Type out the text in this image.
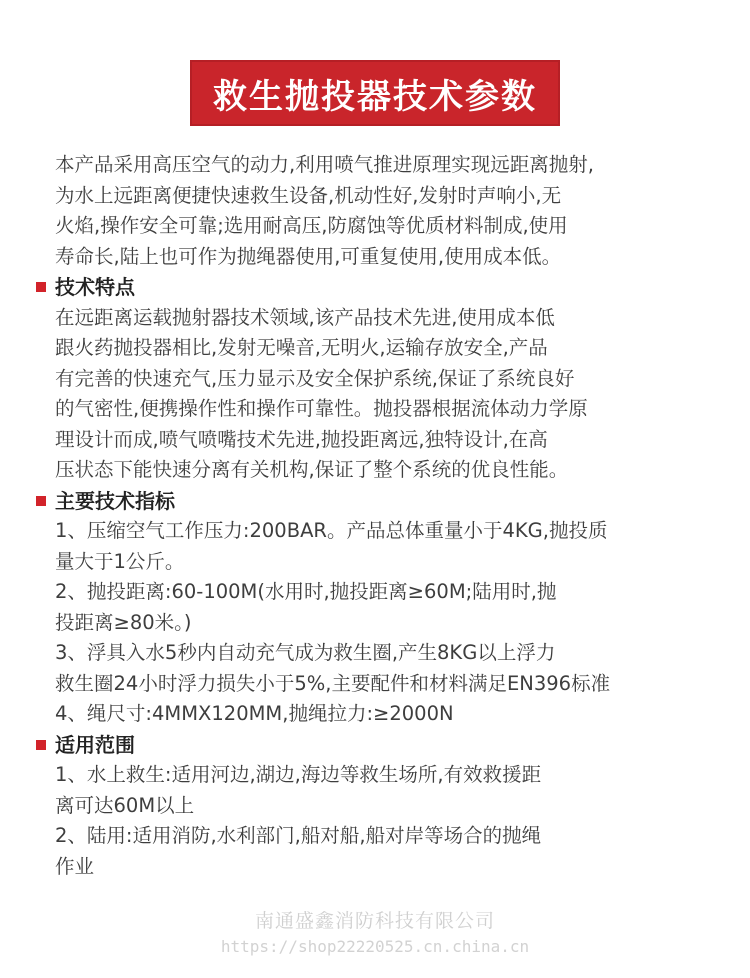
救生抛投器技术参数
本产品采用高压空气的动力,利用喷气推进原理实现远距离抛射,
为水上远距离便捷快速救生设备,机动性好,发射时声响小,无
火焰,操作安全可靠;选用耐高压,防腐蚀等优质材料制成,使用
寿命长,陆上也可作为抛绳器使用,可重复使用,使用成本低。
技术特点
在远距离运载抛射器技术领域,该产品技术先进,使用成本低
跟火药抛投器相比,发射无噪音,无明火,运输存放安全,产品
有完善的快速充气,压力显示及安全保护系统,保证了系统良好
的气密性,便携操作性和操作可靠性。抛投器根据流体动力学原
理设计而成,喷气喷嘴技术先进,抛投距离远,独特设计,在高
压状态下能快速分离有关机构,保证了整个系统的优良性能。
主要技术指标
1、压缩空气工作压力:200BAR。产品总体重量小于4KG,抛投质
量大于1公斤。
2、抛投距离:60-100M(水用时,抛投距离≥60M;陆用时,抛
投距离≥80米。)
3、浮具入水5秒内自动充气成为救生圈,产生8KG以上浮力
救生圈24小时浮力损失小于5%,主要配件和材料满足EN396标准
4、绳尺寸:4MMX120MM,抛绳拉力:≥2000N
适用范围
1、水上救生:适用河边,湖边,海边等救生场所,有效救援距
离可达60M以上
2、陆用:适用消防,水利部门,船对船,船对岸等场合的抛绳
作业
南通盛鑫消防科技有限公司
https://shop22220525.cn.china.cn
